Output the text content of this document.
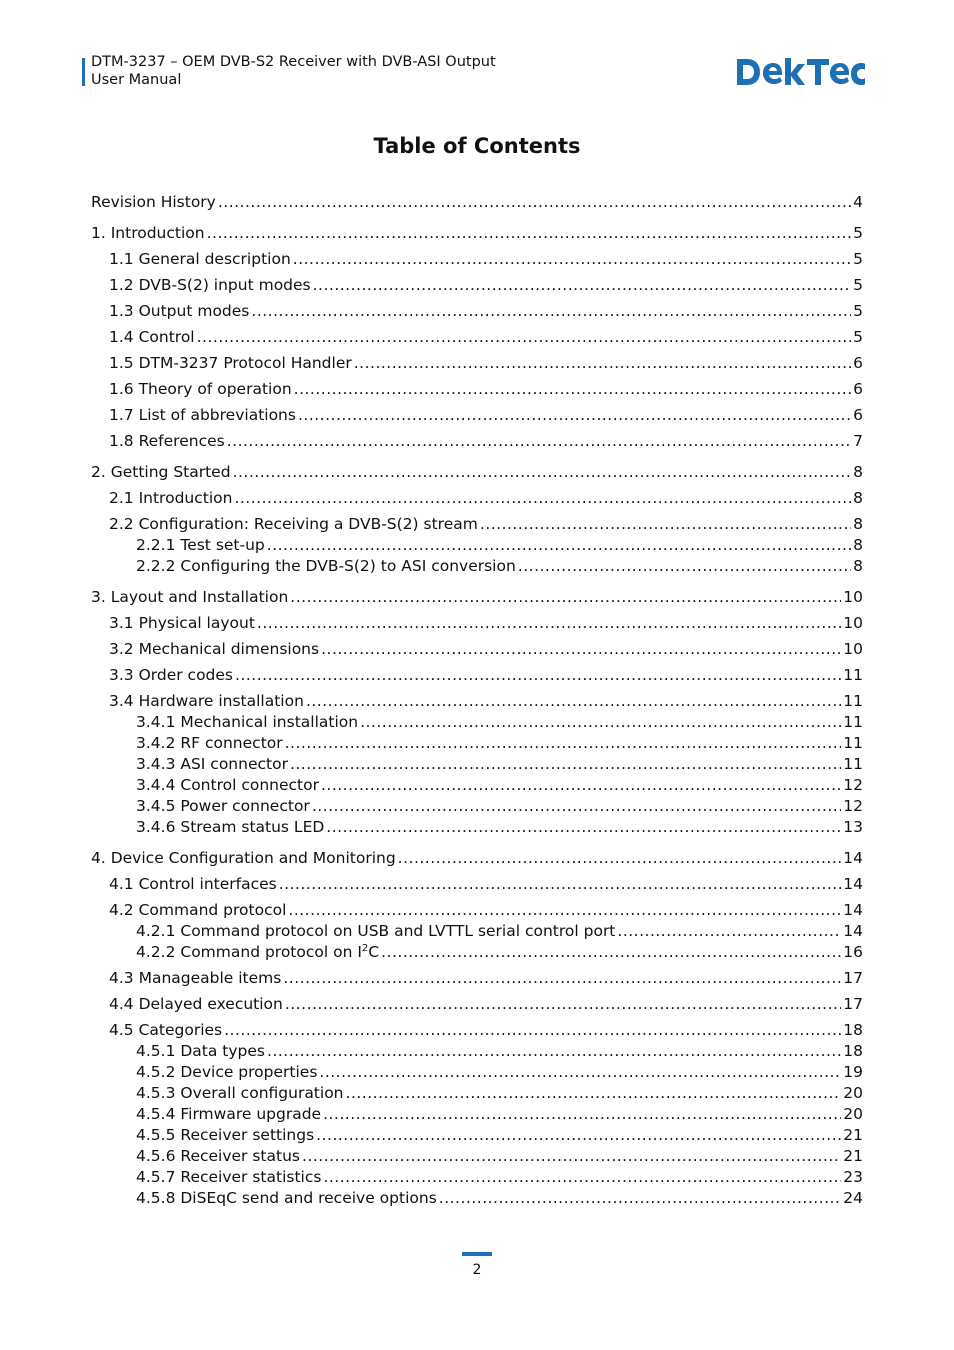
DTM-3237 – OEM DVB-S2 Receiver with DVB-ASI Output
User Manual
Table of Contents
Revision History .....	4
1. Introduction .....	5
1.1 General description .....	5
1.2 DVB-S(2) input modes .....	5
1.3 Output modes .....	5
1.4 Control .....	5
1.5 DTM-3237 Protocol Handler .....	6
1.6 Theory of operation .....	6
1.7 List of abbreviations .....	6
1.8 References .....	7
2. Getting Started .....	8
2.1 Introduction .....	8
2.2 Configuration: Receiving a DVB-S(2) stream .....	8
2.2.1 Test set-up .....	8
2.2.2 Configuring the DVB-S(2) to ASI conversion .....	8
3. Layout and Installation .....	10
3.1 Physical layout .....	10
3.2 Mechanical dimensions .....	10
3.3 Order codes .....	11
3.4 Hardware installation .....	11
3.4.1 Mechanical installation .....	11
3.4.2 RF connector .....	11
3.4.3 ASI connector .....	11
3.4.4 Control connector .....	12
3.4.5 Power connector .....	12
3.4.6 Stream status LED .....	13
4. Device Configuration and Monitoring .....	14
4.1 Control interfaces .....	14
4.2 Command protocol .....	14
4.2.1 Command protocol on USB and LVTTL serial control port .....	14
4.2.2 Command protocol on $I^2C$ .....	16
4.3 Manageable items .....	17
4.4 Delayed execution .....	17
4.5 Categories .....	18
4.5.1 Data types .....	18
4.5.2 Device properties .....	19
4.5.3 Overall configuration .....	20
4.5.4 Firmware upgrade .....	20
4.5.5 Receiver settings .....	21
4.5.6 Receiver status .....	21
4.5.7 Receiver statistics .....	23
4.5.8 DiSEqC send and receive options .....	24
2
